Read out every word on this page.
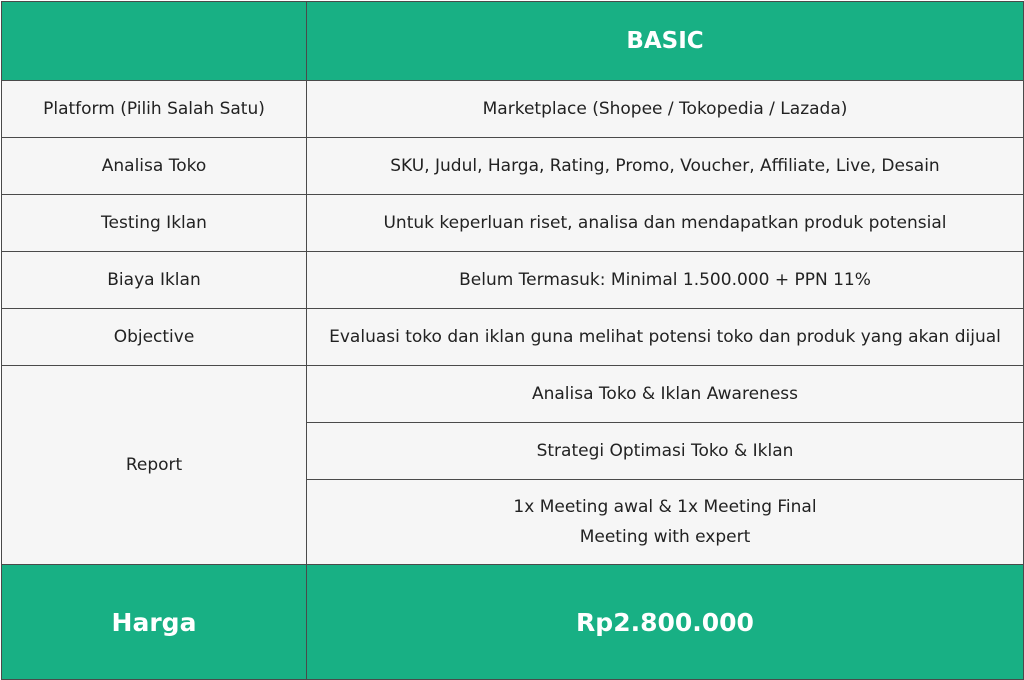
	BASIC
Platform (Pilih Salah Satu)	Marketplace (Shopee / Tokopedia / Lazada)
Analisa Toko	SKU, Judul, Harga, Rating, Promo, Voucher, Affiliate, Live, Desain
Testing Iklan	Untuk keperluan riset, analisa dan mendapatkan produk potensial
Biaya Iklan	Belum Termasuk: Minimal 1.500.000 + PPN 11%
Objective	Evaluasi toko dan iklan guna melihat potensi toko dan produk yang akan dijual
Report	Analisa Toko & Iklan Awareness
	Strategi Optimasi Toko & Iklan

	1x Meeting awal & 1x Meeting Final
Meeting with expert

Harga	Rp2.800.000
